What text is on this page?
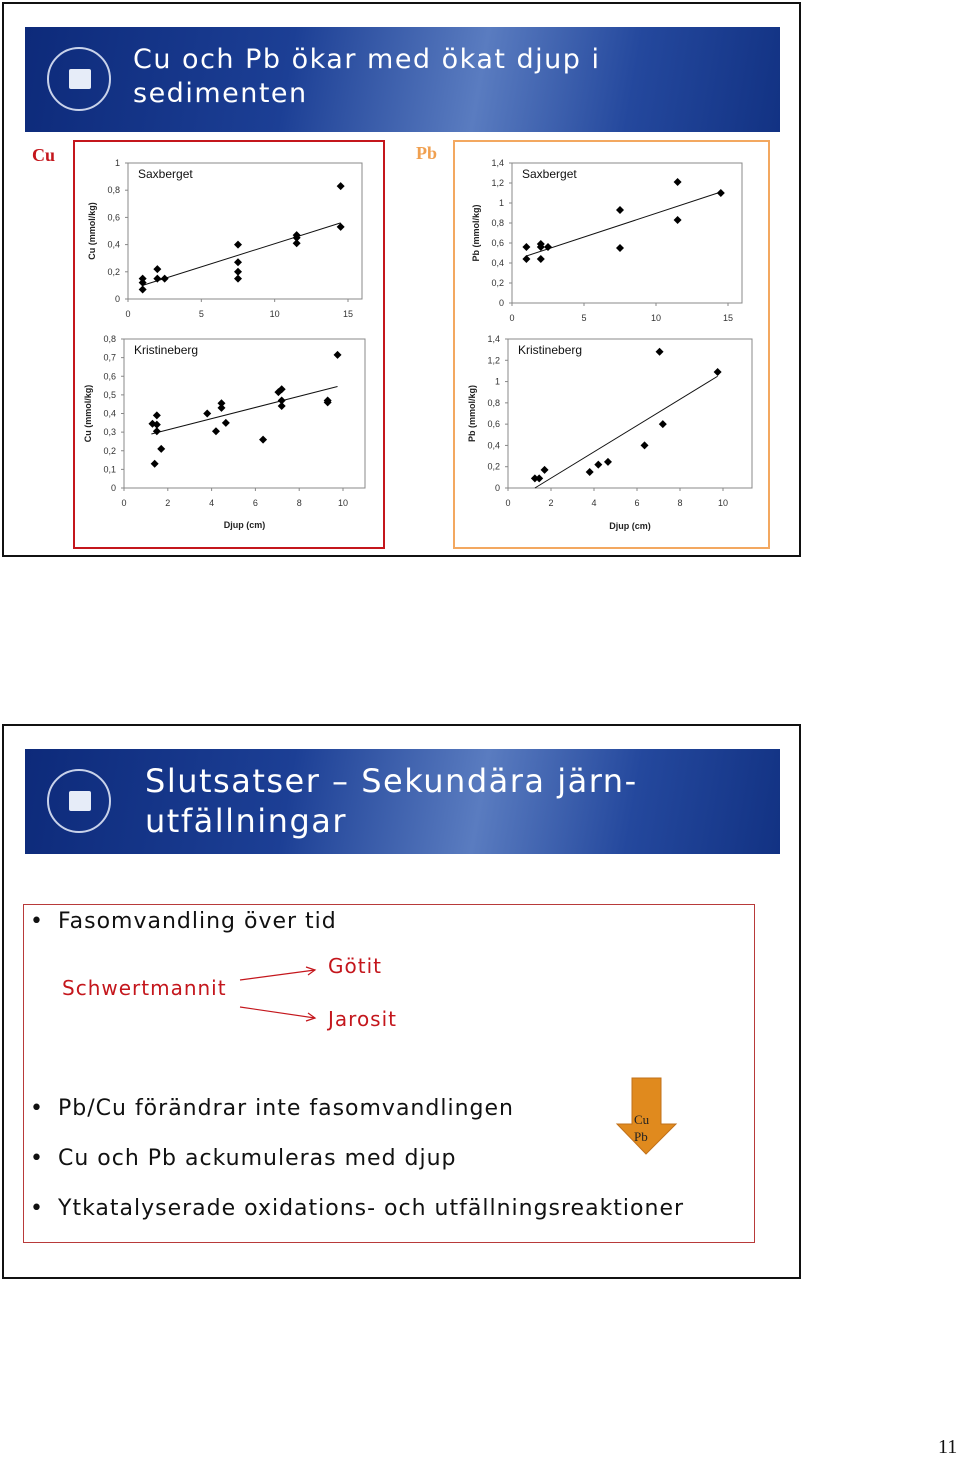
Cu och Pb ökar med ökat djup i
sedimenten
Cu	Pb
Slutsatser – Sekundära järn-
utfällningar
• Fasomvandling över tid
Schwertmannit
Götit
Jarosit
• Pb/Cu förändrar inte fasomvandlingen
• Cu och Pb ackumuleras med djup
• Ytkatalyserade oxidations- och utfällningsreaktioner
Cu
Pb
11
0
0,2
0,4
0,6
0,8
1
0	5	10	15
Saxberget
Cu (mmol/kg)
0
0,2
0,4
0,6
0,8
1
1,2
1,4
0	5	10	15
Saxberget
Pb (mmol/kg)
0
0,1
0,2
0,3
0,4
0,5
0,6
0,7
0,8
0	2	4	6	8	10
Kristineberg
Cu (mmol/kg)
Djup (cm)
0
0,2
0,4
0,6
0,8
1
1,2
1,4
0	2	4	6	8	10
Kristineberg
Pb (mmol/kg)
Djup (cm)
